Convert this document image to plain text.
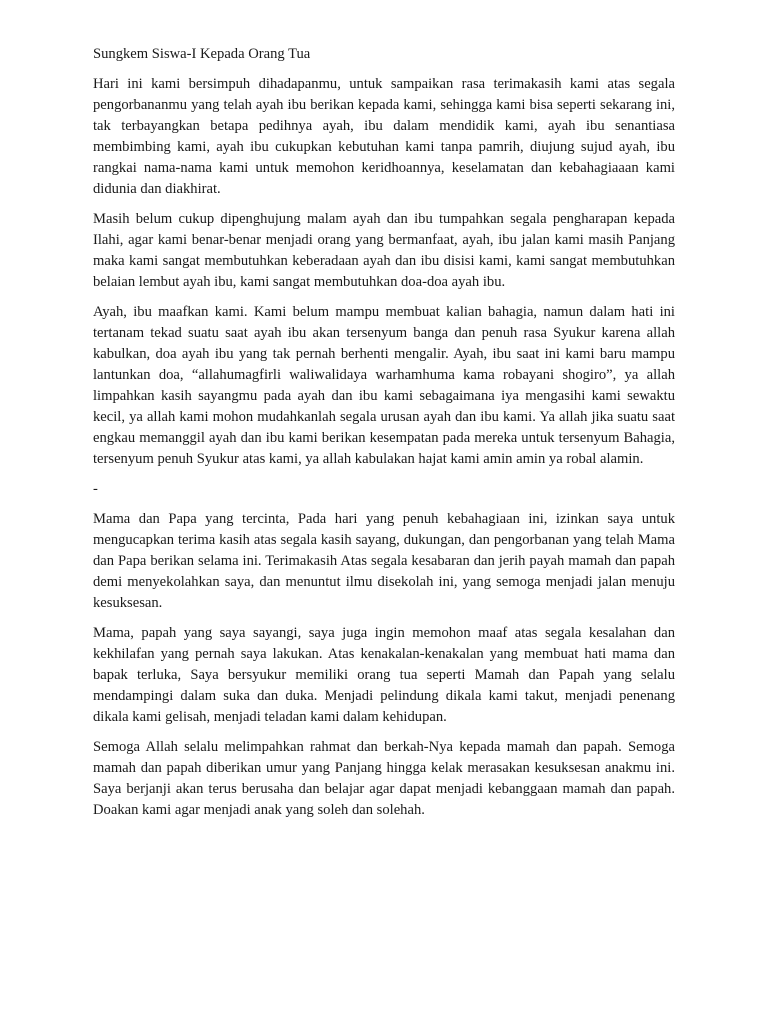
Sungkem Siswa-I Kepada Orang Tua

Hari ini kami bersimpuh dihadapanmu, untuk sampaikan rasa terimakasih kami atas segala pengorbananmu yang telah ayah ibu berikan kepada kami, sehingga kami bisa seperti sekarang ini, tak terbayangkan betapa pedihnya ayah, ibu dalam mendidik kami, ayah ibu senantiasa membimbing kami, ayah ibu cukupkan kebutuhan kami tanpa pamrih, diujung sujud ayah, ibu rangkai nama-nama kami untuk memohon keridhoannya, keselamatan dan kebahagiaaan kami didunia dan diakhirat.

Masih belum cukup dipenghujung malam ayah dan ibu tumpahkan segala pengharapan kepada Ilahi, agar kami benar-benar menjadi orang yang bermanfaat, ayah, ibu jalan kami masih Panjang maka kami sangat membutuhkan keberadaan ayah dan ibu disisi kami, kami sangat membutuhkan belaian lembut ayah ibu, kami sangat membutuhkan doa-doa ayah ibu.

Ayah, ibu maafkan kami. Kami belum mampu membuat kalian bahagia, namun dalam hati ini tertanam tekad suatu saat ayah ibu akan tersenyum banga dan penuh rasa Syukur karena allah kabulkan, doa ayah ibu yang tak pernah berhenti mengalir. Ayah, ibu saat ini kami baru mampu lantunkan doa, “allahumagfirli waliwalidaya warhamhuma kama robayani shogiro”, ya allah limpahkan kasih sayangmu pada ayah dan ibu kami sebagaimana iya mengasihi kami sewaktu kecil, ya allah kami mohon mudahkanlah segala urusan ayah dan ibu kami. Ya allah jika suatu saat engkau memanggil ayah dan ibu kami berikan kesempatan pada mereka untuk tersenyum Bahagia, tersenyum penuh Syukur atas kami, ya allah kabulakan hajat kami amin amin ya robal alamin.

-

Mama dan Papa yang tercinta, Pada hari yang penuh kebahagiaan ini, izinkan saya untuk mengucapkan terima kasih atas segala kasih sayang, dukungan, dan pengorbanan yang telah Mama dan Papa berikan selama ini. Terimakasih Atas segala kesabaran dan jerih payah mamah dan papah demi menyekolahkan saya, dan menuntut ilmu disekolah ini, yang semoga menjadi jalan menuju kesuksesan.

Mama, papah yang saya sayangi, saya juga ingin memohon maaf atas segala kesalahan dan kekhilafan yang pernah saya lakukan. Atas kenakalan-kenakalan yang membuat hati mama dan bapak terluka, Saya bersyukur memiliki orang tua seperti Mamah dan Papah yang selalu mendampingi dalam suka dan duka. Menjadi pelindung dikala kami takut, menjadi penenang dikala kami gelisah, menjadi teladan kami dalam kehidupan.

Semoga Allah selalu melimpahkan rahmat dan berkah-Nya kepada mamah dan papah. Semoga mamah dan papah diberikan umur yang Panjang hingga kelak merasakan kesuksesan anakmu ini. Saya berjanji akan terus berusaha dan belajar agar dapat menjadi kebanggaan mamah dan papah. Doakan kami agar menjadi anak yang soleh dan solehah.
